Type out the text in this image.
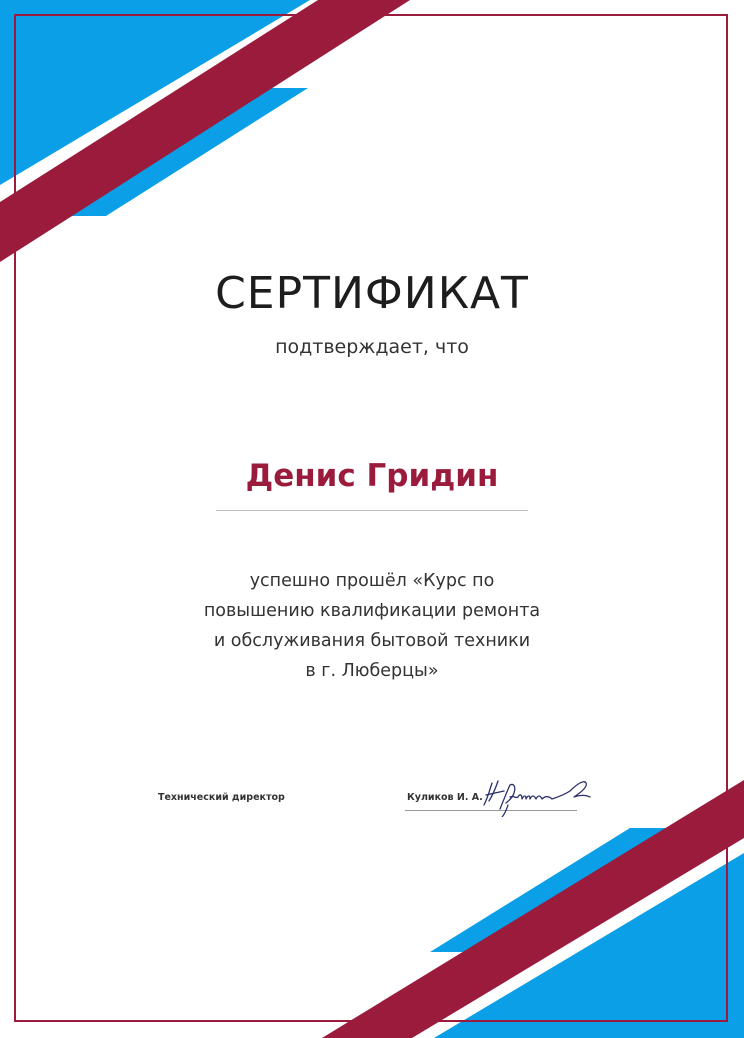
СЕРТИФИКАТ
подтверждает, что
Денис Гридин
успешно прошёл «Курс по
повышению квалификации ремонта
и обслуживания бытовой техники
в г. Люберцы»
Технический директор	Куликов И. А.
